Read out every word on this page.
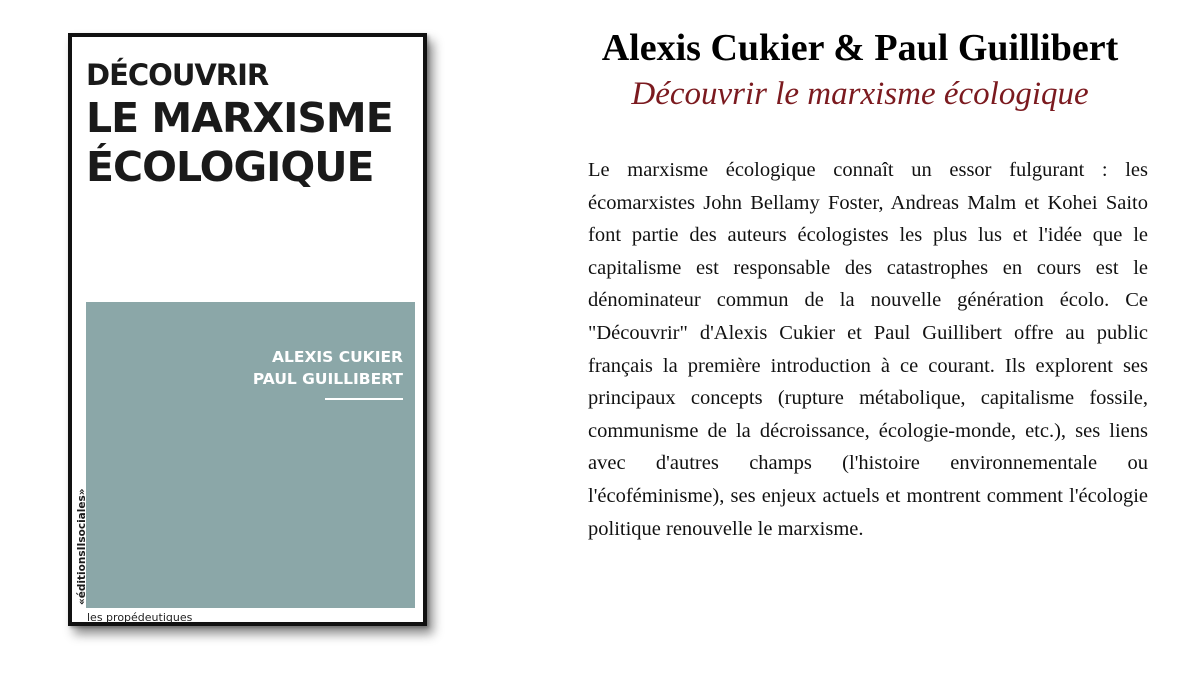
DÉCOUVRIR
LE MARXISME
ÉCOLOGIQUE
ALEXIS CUKIER
PAUL GUILLIBERT
«éditionsIIsociales»
les propédeutiques
Alexis Cukier & Paul Guillibert
Découvrir le marxisme écologique

Le marxisme écologique connaît un essor fulgurant : les écomarxistes John Bellamy Foster, Andreas Malm et Kohei Saito font partie des auteurs écologistes les plus lus et l'idée que le capitalisme est responsable des catastrophes en cours est le dénominateur commun de la nouvelle génération écolo. Ce "Découvrir" d'Alexis Cukier et Paul Guillibert offre au public français la première introduction à ce courant. Ils explorent ses principaux concepts (rupture métabolique, capitalisme fossile, communisme de la décroissance, écologie-monde, etc.), ses liens avec d'autres champs (l'histoire environnementale ou l'écoféminisme), ses enjeux actuels et montrent comment l'écologie politique renouvelle le marxisme.
